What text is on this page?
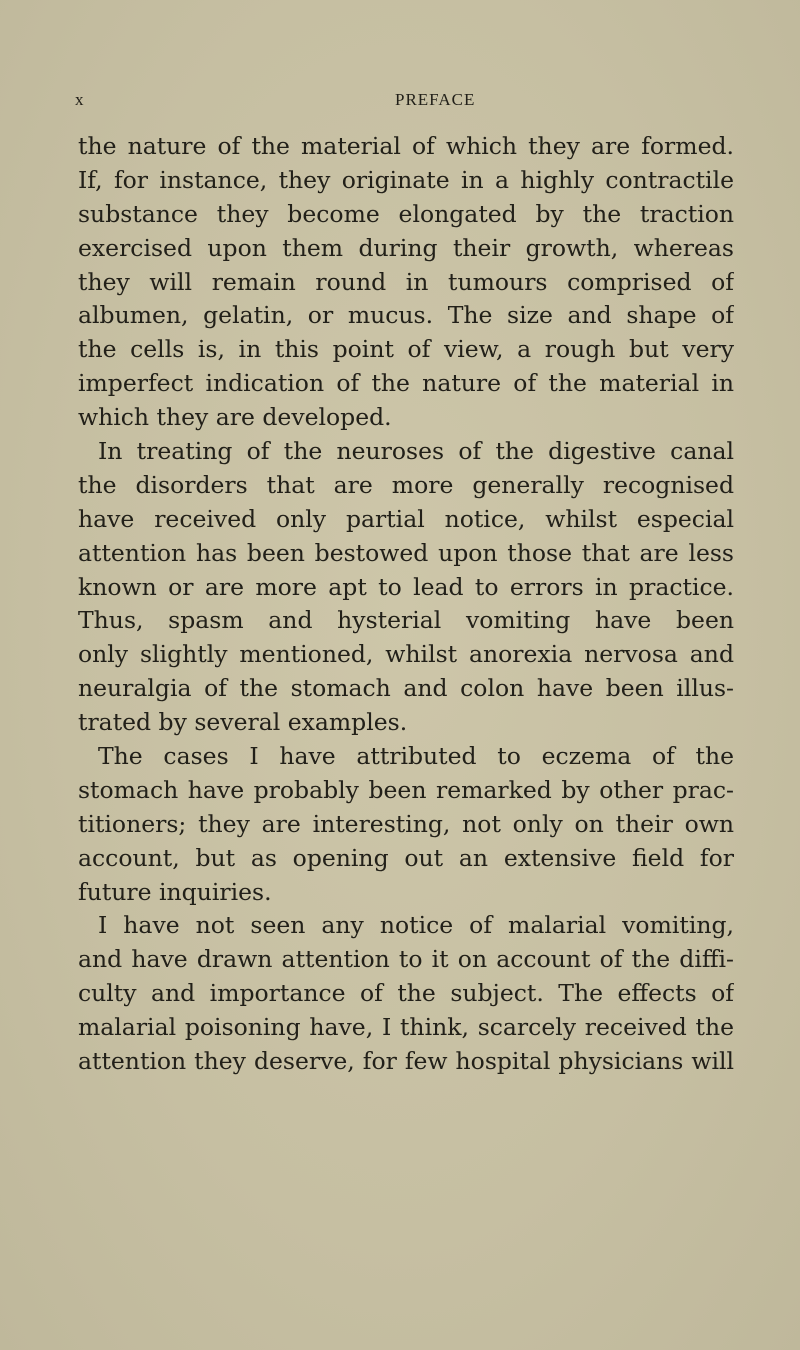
x	PREFACE
the nature of the material of which they are formed.
If, for instance, they originate in a highly contractile
substance they become elongated by the traction
exercised upon them during their growth, whereas
they will remain round in tumours comprised of
albumen, gelatin, or mucus. The size and shape of
the cells is, in this point of view, a rough but very
imperfect indication of the nature of the material in
which they are developed.
In treating of the neuroses of the digestive canal
the disorders that are more generally recognised
have received only partial notice, whilst especial
attention has been bestowed upon those that are less
known or are more apt to lead to errors in practice.
Thus, spasm and hysterial vomiting have been
only slightly mentioned, whilst anorexia nervosa and
neuralgia of the stomach and colon have been illus-
trated by several examples.
The cases I have attributed to eczema of the
stomach have probably been remarked by other prac-
titioners; they are interesting, not only on their own
account, but as opening out an extensive field for
future inquiries.
I have not seen any notice of malarial vomiting,
and have drawn attention to it on account of the diffi-
culty and importance of the subject. The effects of
malarial poisoning have, I think, scarcely received the
attention they deserve, for few hospital physicians will
